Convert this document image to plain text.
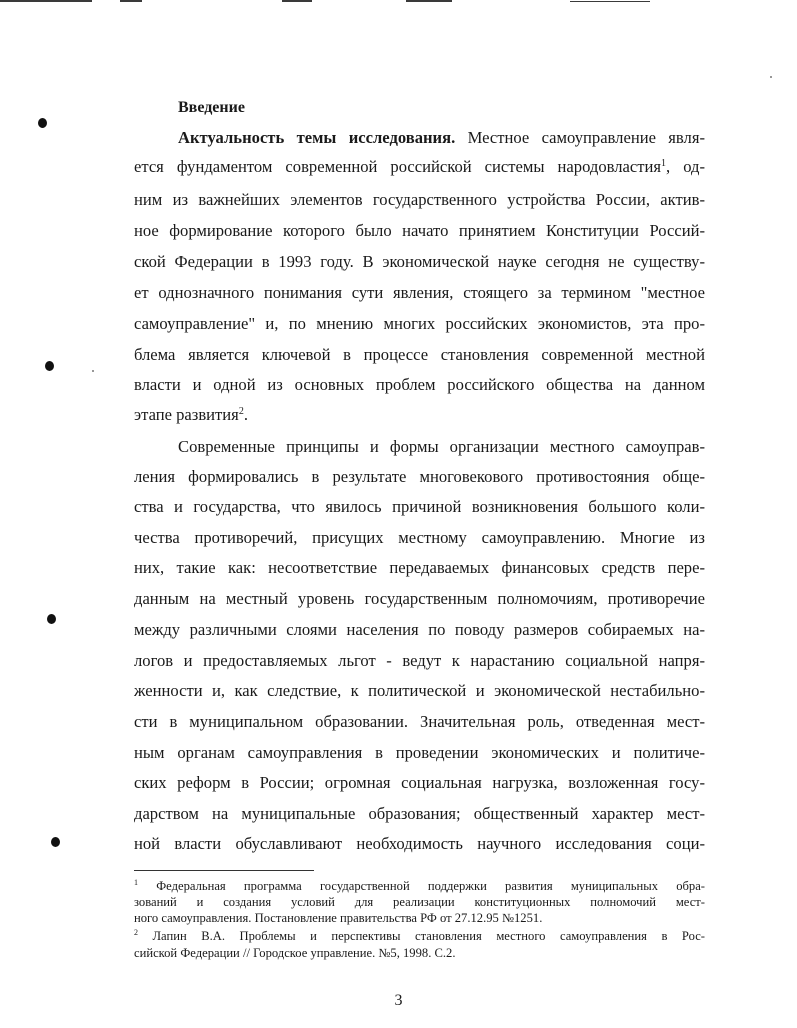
Введение

Актуальность темы исследования. Местное самоуправление явля-

ется фундаментом современной российской системы народовластия$^1$, од-

ним из важнейших элементов государственного устройства России, актив-

ное формирование которого было начато принятием Конституции Россий-

ской Федерации в 1993 году. В экономической науке сегодня не существу-

ет однозначного понимания сути явления, стоящего за термином "местное

самоуправление" и, по мнению многих российских экономистов, эта про-

блема является ключевой в процессе становления современной местной

власти и одной из основных проблем российского общества на данном

этапе развития$^2$.

Современные принципы и формы организации местного самоуправ-

ления формировались в результате многовекового противостояния обще-

ства и государства, что явилось причиной возникновения большого коли-

чества противоречий, присущих местному самоуправлению. Многие из

них, такие как: несоответствие передаваемых финансовых средств пере-

данным на местный уровень государственным полномочиям, противоречие

между различными слоями населения по поводу размеров собираемых на-

логов и предоставляемых льгот - ведут к нарастанию социальной напря-

женности и, как следствие, к политической и экономической нестабильно-

сти в муниципальном образовании. Значительная роль, отведенная мест-

ным органам самоуправления в проведении экономических и политиче-

ских реформ в России; огромная социальная нагрузка, возложенная госу-

дарством на муниципальные образования; общественный характер мест-

ной власти обуславливают необходимость научного исследования соци-

$^1$ Федеральная программа государственной поддержки развития муниципальных обра-

зований и создания условий для реализации конституционных полномочий мест-

ного самоуправления. Постановление правительства РФ от 27.12.95 №1251.

$^2$ Лапин В.А. Проблемы и перспективы становления местного самоуправления в Рос-

сийской Федерации // Городское управление. №5, 1998. С.2.

3
